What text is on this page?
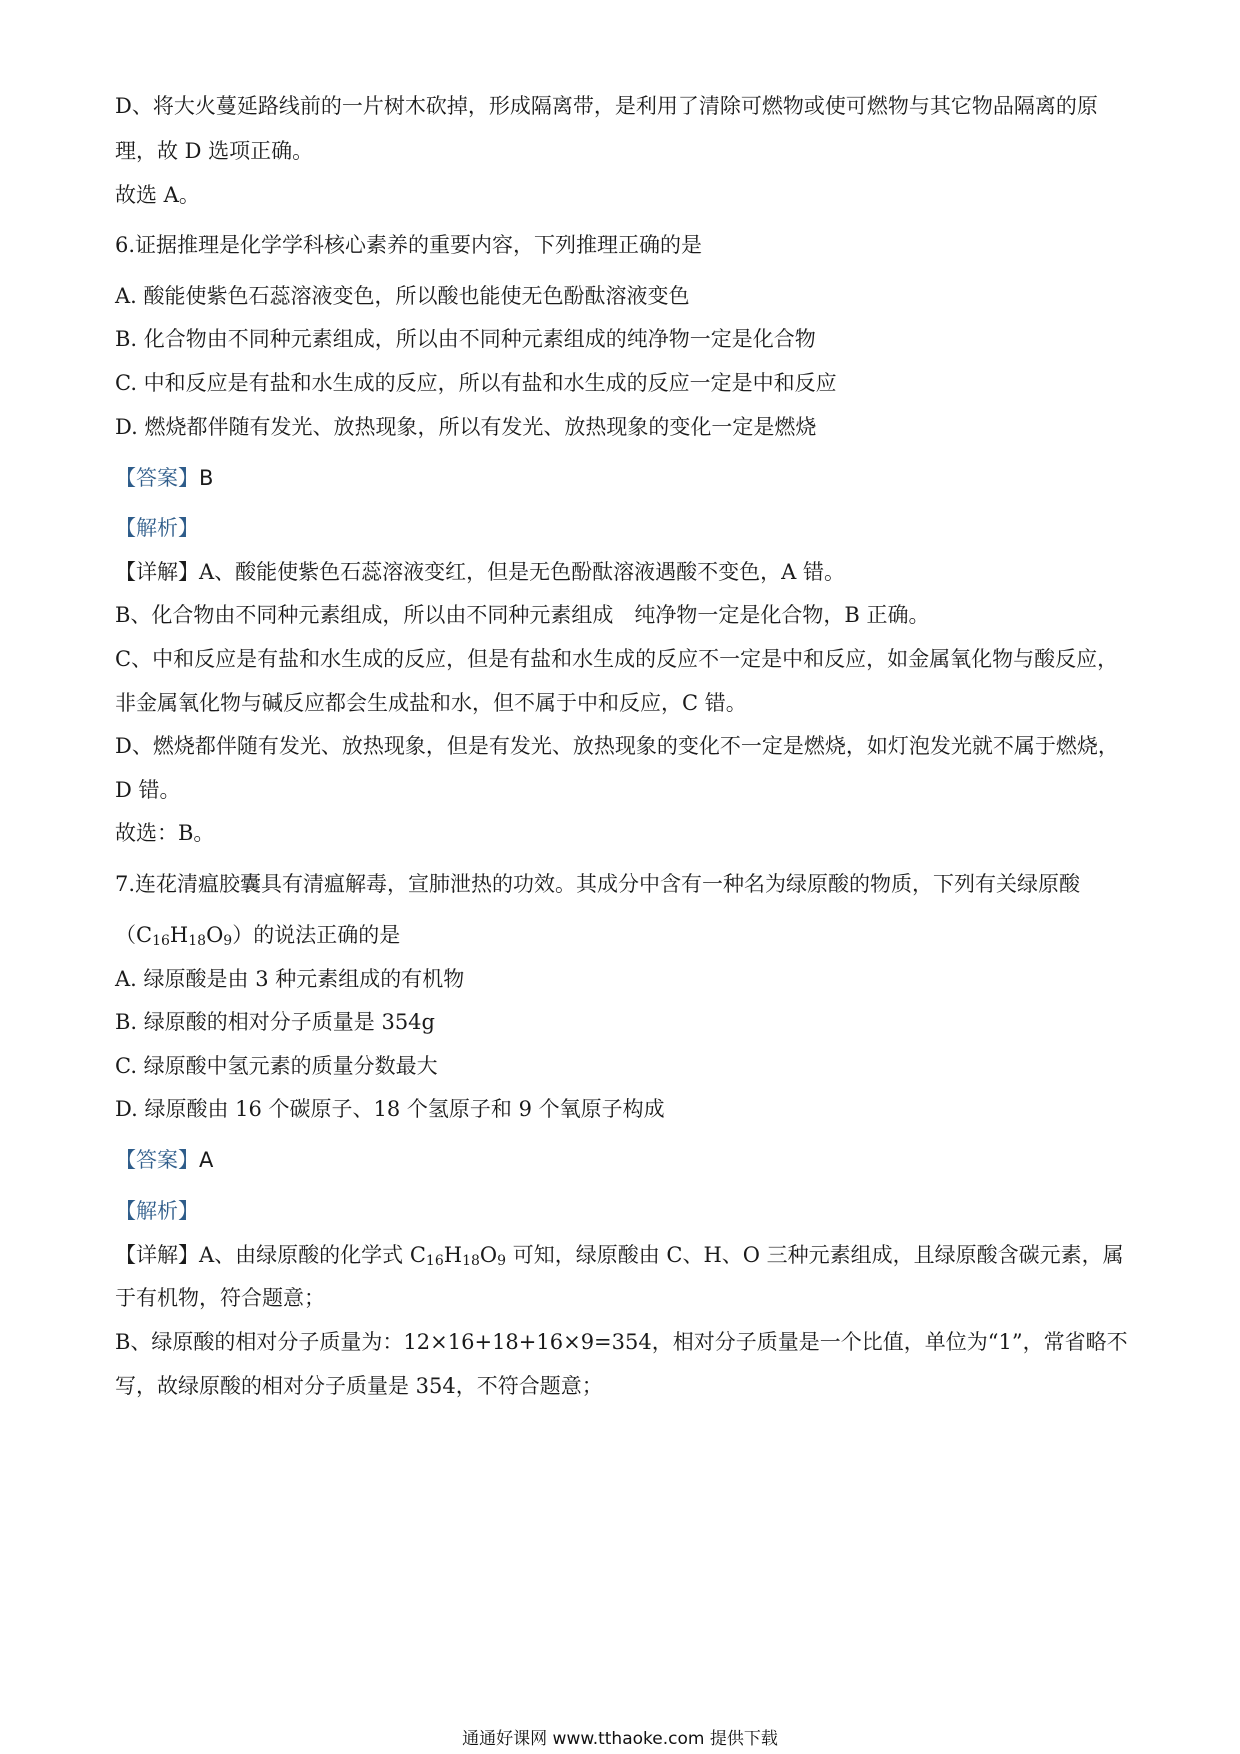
D、将大火蔓延路线前的一片树木砍掉，形成隔离带，是利用了清除可燃物或使可燃物与其它物品隔离的原
理，故 D 选项正确。
故选 A。
6.证据推理是化学学科核心素养的重要内容，下列推理正确的是
A. 酸能使紫色石蕊溶液变色，所以酸也能使无色酚酞溶液变色
B. 化合物由不同种元素组成，所以由不同种元素组成的纯净物一定是化合物
C. 中和反应是有盐和水生成的反应，所以有盐和水生成的反应一定是中和反应
D. 燃烧都伴随有发光、放热现象，所以有发光、放热现象的变化一定是燃烧
【答案】B
【解析】
【详解】A、酸能使紫色石蕊溶液变红，但是无色酚酞溶液遇酸不变色，A 错。
B、化合物由不同种元素组成，所以由不同种元素组成　纯净物一定是化合物，B 正确。
C、中和反应是有盐和水生成的反应，但是有盐和水生成的反应不一定是中和反应，如金属氧化物与酸反应，
非金属氧化物与碱反应都会生成盐和水，但不属于中和反应，C 错。
D、燃烧都伴随有发光、放热现象，但是有发光、放热现象的变化不一定是燃烧，如灯泡发光就不属于燃烧，
D 错。
故选：B。
7.连花清瘟胶囊具有清瘟解毒，宣肺泄热的功效。其成分中含有一种名为绿原酸的物质，下列有关绿原酸
$(C_{16}H_{18}O_9)$的说法正确的是
A. 绿原酸是由 3 种元素组成的有机物
B. 绿原酸的相对分子质量是 354g
C. 绿原酸中氢元素的质量分数最大
D. 绿原酸由 16 个碳原子、18 个氢原子和 9 个氧原子构成
【答案】A
【解析】
【详解】A、由绿原酸的化学式 $C_{16}H_{18}O_9$ 可知，绿原酸由 C、H、O 三种元素组成，且绿原酸含碳元素，属
于有机物，符合题意；
B、绿原酸的相对分子质量为：12×16+18+16×9=354，相对分子质量是一个比值，单位为“1”，常省略不
写，故绿原酸的相对分子质量是 354，不符合题意；
通通好课网 www.tthaoke.com 提供下载
